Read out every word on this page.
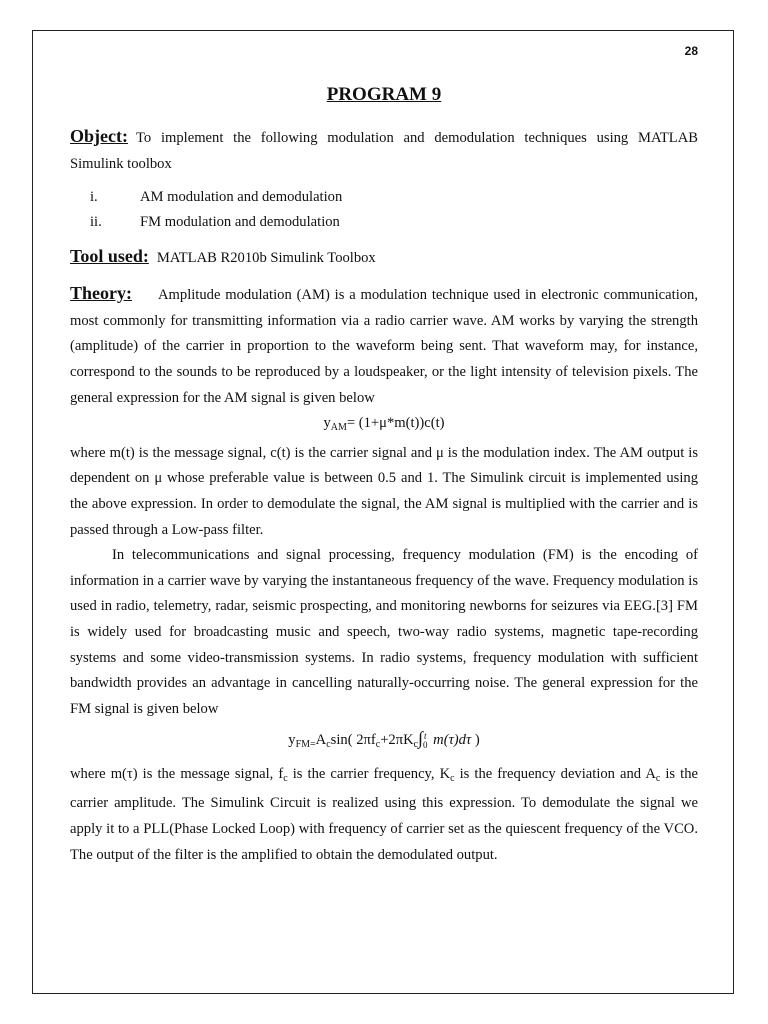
28
PROGRAM 9

Object: To implement the following modulation and demodulation techniques using MATLAB Simulink toolbox

i.	AM modulation and demodulation
ii.	FM modulation and demodulation
Tool used: MATLAB R2010b Simulink Toolbox

Theory: Amplitude modulation (AM) is a modulation technique used in electronic communication, most commonly for transmitting information via a radio carrier wave. AM works by varying the strength (amplitude) of the carrier in proportion to the waveform being sent. That waveform may, for instance, correspond to the sounds to be reproduced by a loudspeaker, or the light intensity of television pixels. The general expression for the AM signal is given below

$y_{AM}= (1+\mu*m(t))c(t)$

where m(t) is the message signal, c(t) is the carrier signal and μ is the modulation index. The AM output is dependent on μ whose preferable value is between 0.5 and 1. The Simulink circuit is implemented using the above expression. In order to demodulate the signal, the AM signal is multiplied with the carrier and is passed through a Low-pass filter.

In telecommunications and signal processing, frequency modulation (FM) is the encoding of information in a carrier wave by varying the instantaneous frequency of the wave. Frequency modulation is used in radio, telemetry, radar, seismic prospecting, and monitoring newborns for seizures via EEG.[3] FM is widely used for broadcasting music and speech, two-way radio systems, magnetic tape-recording systems and some video-transmission systems. In radio systems, frequency modulation with sufficient bandwidth provides an advantage in cancelling naturally-occurring noise. The general expression for the FM signal is given below

$y_{FM=}A_c\sin$( $2\pi f_c+2\pi K_c\int$ t
0 m(τ)dτ )

where m(τ) is the message signal, $f_c$ is the carrier frequency, $K_c$ is the frequency deviation and $A_c$ is the carrier amplitude. The Simulink Circuit is realized using this expression. To demodulate the signal we apply it to a PLL(Phase Locked Loop) with frequency of carrier set as the quiescent frequency of the VCO. The output of the filter is the amplified to obtain the demodulated output.
